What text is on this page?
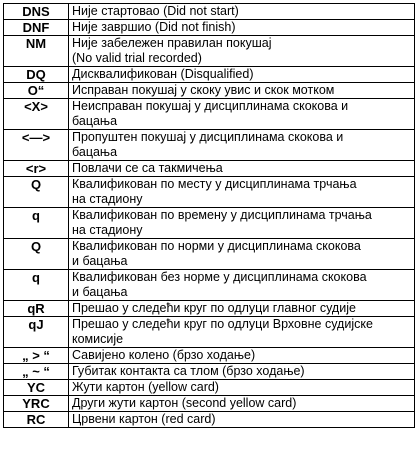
DNS	Није стартовао (Did not start)

DNF	Није завршио (Did not finish)

NM	Није забележен правилан покушај
(No valid trial recorded)

DQ	Дисквалификован (Disqualified)

O“	Исправан покушај у скоку увис и скок мотком

<X>	Неисправан покушај у дисциплинама скокова и
бацања

<—>	Пропуштен покушај у дисциплинама скокова и
бацања

<r>	Повлачи се са такмичења

Q	Квалификован по месту у дисциплинама трчања
на стадиону

q	Квалификован по времену у дисциплинама трчања
на стадиону

Q	Квалификован по норми у дисциплинама скокова
и бацања

q	Квалификован без норме у дисциплинама скокова
и бацања

qR	Прешао у следећи круг по одлуци главног судије

qJ	Прешао у следећи круг по одлуци Врховне судијске
комисије

„ > “	Савијено колено (брзо ходање)

„ ~ “	Губитак контакта са тлом (брзо ходање)

YC	Жути картон (yellow card)

YRC	Други жути картон (second yellow card)

RC	Црвени картон (red card)
